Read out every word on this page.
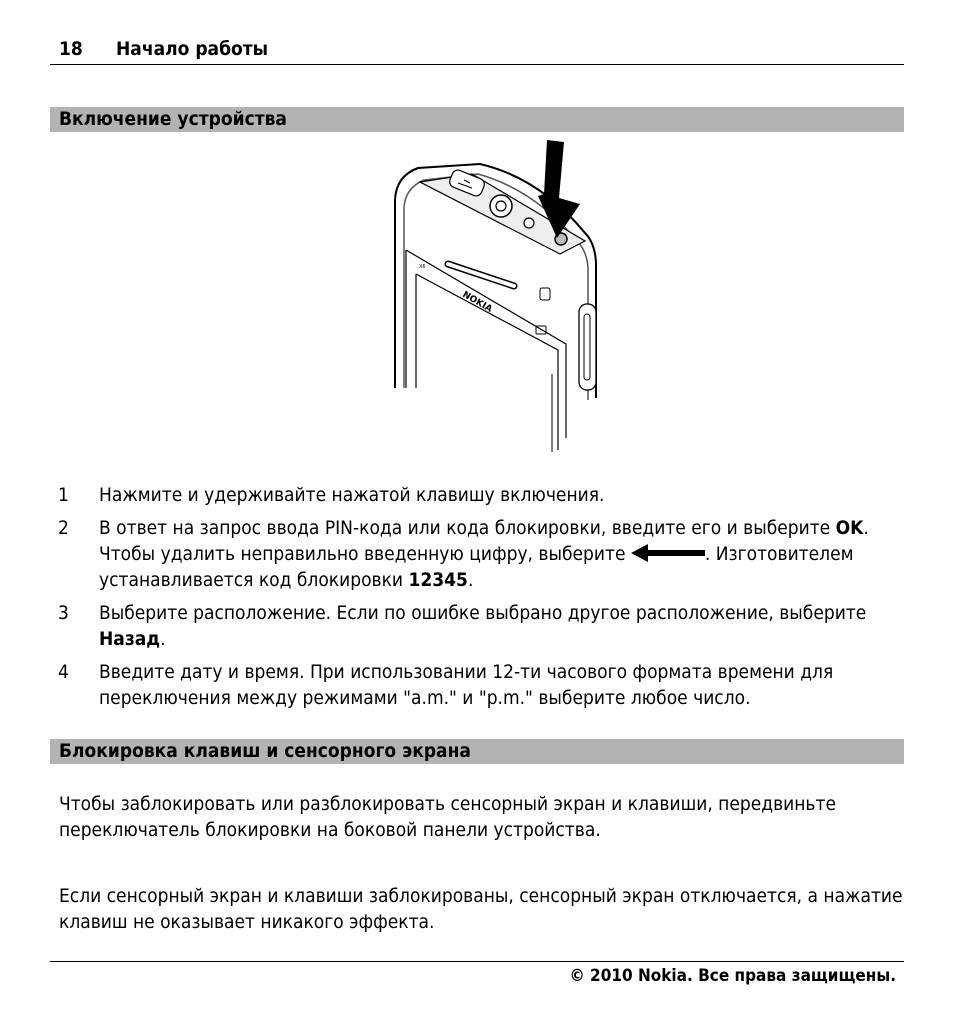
18 Начало работы
Включение устройства
NOKIA
X6
1 Нажмите и удерживайте нажатой клавишу включения.
2 В ответ на запрос ввода PIN-кода или кода блокировки, введите его и выберите OK. Чтобы удалить неправильно введенную цифру, выберите	. Изготовителем устанавливается код блокировки 12345.
3 Выберите расположение. Если по ошибке выбрано другое расположение, выберите Назад.
4 Введите дату и время. При использовании 12-ти часового формата времени для переключения между режимами "a.m." и "p.m." выберите любое число.
Блокировка клавиш и сенсорного экрана

Чтобы заблокировать или разблокировать сенсорный экран и клавиши, передвиньте переключатель блокировки на боковой панели устройства.

Если сенсорный экран и клавиши заблокированы, сенсорный экран отключается, а нажатие клавиш не оказывает никакого эффекта.

© 2010 Nokia. Все права защищены.
